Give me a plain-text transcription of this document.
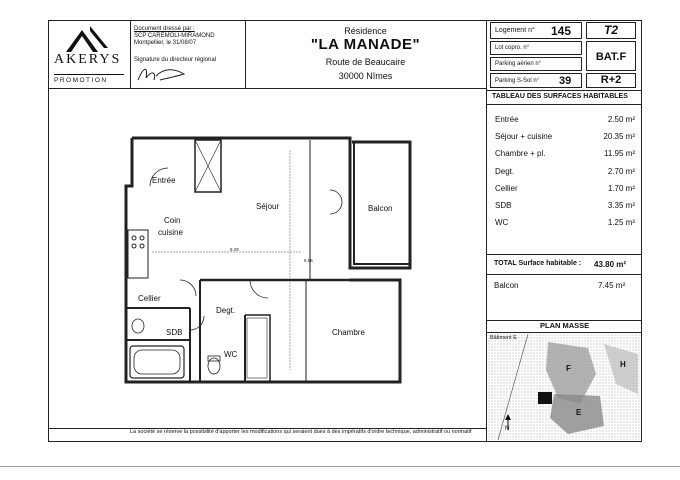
AKERYS
PROMOTION
Document dressé par :
SCP CAREMOLI-MIRAMOND
Montpellier, le 31/08/07
Signature du directeur régional
Résidence
"LA MANADE"
Route de Beaucaire
30000 Nîmes
Logement n° 145	T2
Lot copro. n°
BAT.F
Parking aérien n°
Parking S-Sol n° 39	R+2
TABLEAU DES SURFACES HABITABLES
Entrée	2.50 m²
Séjour + cuisine	20.35 m²
Chambre + pl.	11.95 m²
Degt.	2.70 m²
Cellier	1.70 m²
SDB	3.35 m²
WC	1.25 m²
TOTAL Surface habitable : 43.80 m²
Balcon	7.45 m²
PLAN MASSE
Bâtiment E
F
E
H
N
Entrée
Séjour
Coin
cuisine
Balcon
Cellier
Degt.
SDB
WC
Chambre
6.29
6.86
La société se réserve la possibilité d'apporter les modifications qui seraient dues à des impératifs d'ordre technique, administratif ou normatif
